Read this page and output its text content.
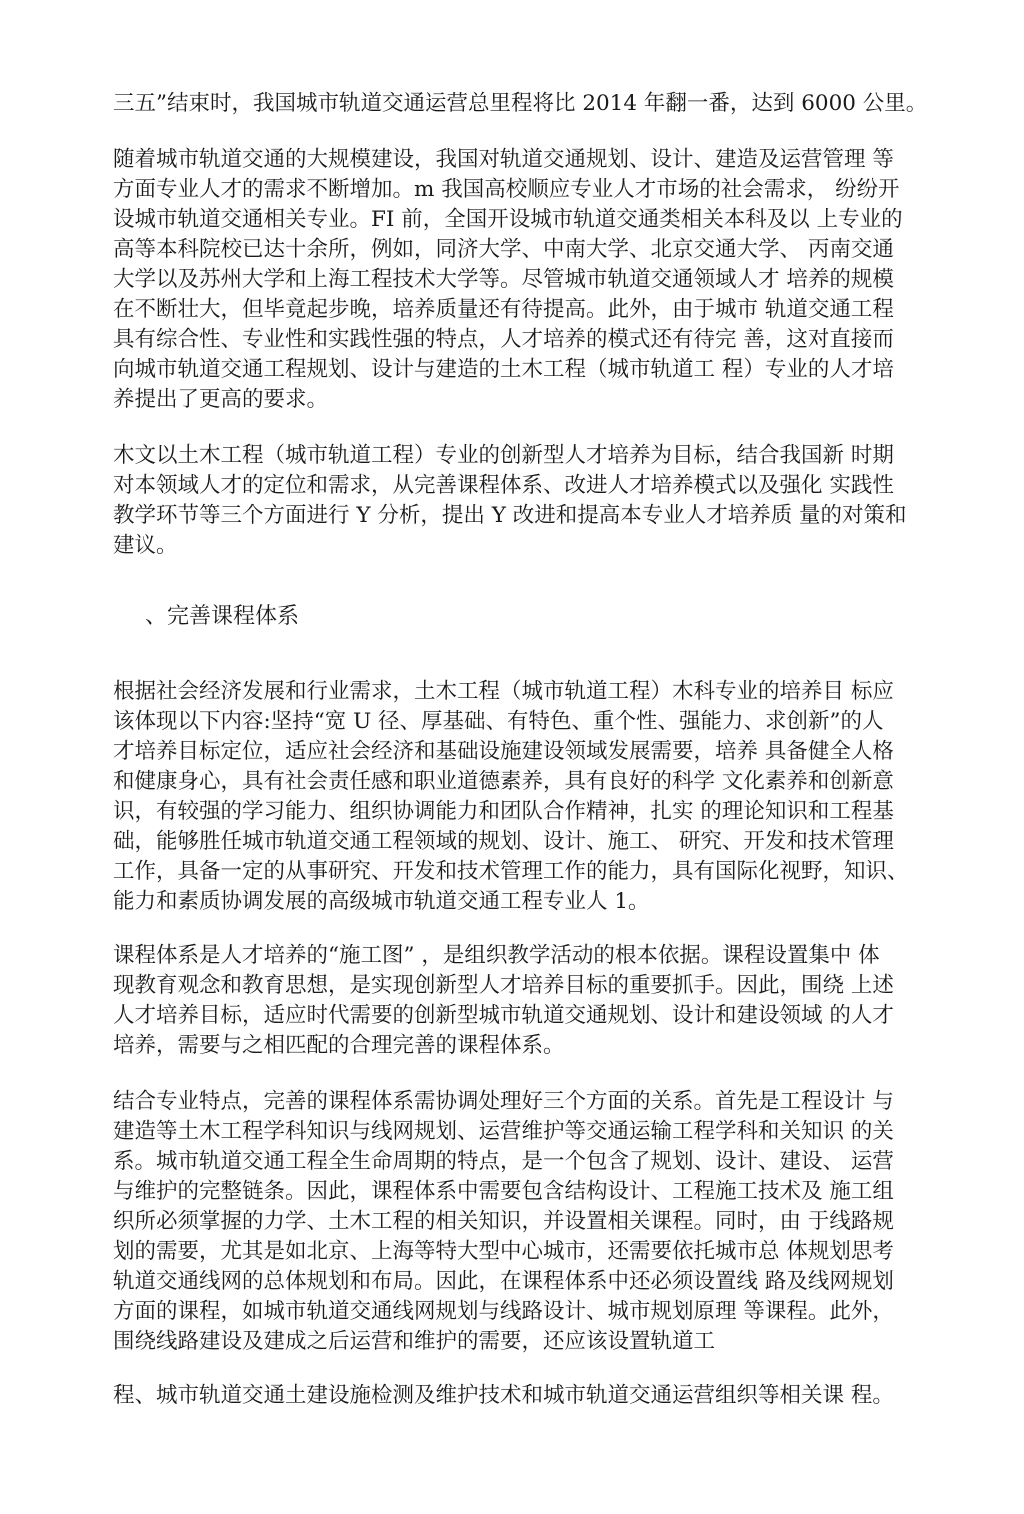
三五”结束时，我国城市轨道交通运营总里程将比 2014 年翻一番，达到 6000 公里。
随着城市轨道交通的大规模建设，我国对轨道交通规划、设计、建造及运营管理 等
方面专业人才的需求不断增加。m 我国高校顺应专业人才市场的社会需求， 纷纷开
设城市轨道交通相关专业。FI 前，全国开设城市轨道交通类相关本科及以 上专业的
高等本科院校已达十余所，例如，同济大学、中南大学、北京交通大学、 丙南交通
大学以及苏州大学和上海工程技术大学等。尽管城市轨道交通领域人才 培养的规模
在不断壮大，但毕竟起步晚，培养质量还有待提高。此外，由于城市 轨道交通工程
具有综合性、专业性和实践性强的特点，人才培养的模式还有待完 善，这对直接而
向城市轨道交通工程规划、设计与建造的土木工程（城市轨道工 程）专业的人才培
养提出了更高的要求。
木文以土木工程（城市轨道工程）专业的创新型人才培养为目标，结合我国新 时期
对本领域人才的定位和需求，从完善课程体系、改进人才培养模式以及强化 实践性
教学环节等三个方面进行 Y 分析，提出 Y 改进和提高本专业人才培养质 量的对策和
建议。
、完善课程体系
根据社会经济发展和行业需求，土木工程（城市轨道工程）木科专业的培养目 标应
该体现以下内容:坚持“宽 U 径、厚基础、有特色、重个性、强能力、求创新”的人
才培养目标定位，适应社会经济和基础设施建设领域发展需要，培养 具备健全人格
和健康身心，具有社会责任感和职业道德素养，具有良好的科学 文化素养和创新意
识，有较强的学习能力、组织协调能力和团队合作精神，扎实 的理论知识和工程基
础，能够胜任城市轨道交通工程领域的规划、设计、施工、 研究、开发和技术管理
工作，具备一定的从事研究、幵发和技术管理工作的能力，具有国际化视野，知识、
能力和素质协调发展的高级城市轨道交通工程专业人 1。
课程体系是人才培养的“施工图” ，是组织教学活动的根本依据。课程设置集中 体
现教育观念和教育思想，是实现创新型人才培养目标的重要抓手。因此，围绕 上述
人才培养目标，适应时代需要的创新型城市轨道交通规划、设计和建设领域 的人才
培养，需要与之相匹配的合理完善的课程体系。
结合专业特点，完善的课程体系需协调处理好三个方面的关系。首先是工程设计 与
建造等土木工程学科知识与线网规划、运营维护等交通运输工程学科和关知识 的关
系。城市轨道交通工程全生命周期的特点，是一个包含了规划、设计、建设、 运营
与维护的完整链条。因此，课程体系中需要包含结构设计、工程施工技术及 施工组
织所必须掌握的力学、土木工程的相关知识，并设置相关课程。同时，由 于线路规
划的需要，尤其是如北京、上海等特大型中心城市，还需要依托城市总 体规划思考
轨道交通线网的总体规划和布局。因此，在课程体系中还必须设置线 路及线网规划
方面的课程，如城市轨道交通线网规划与线路设计、城市规划原理 等课程。此外，
围绕线路建设及建成之后运营和维护的需要，还应该设置轨道工
程、城市轨道交通土建设施检测及维护技术和城市轨道交通运营组织等相关课 程。
